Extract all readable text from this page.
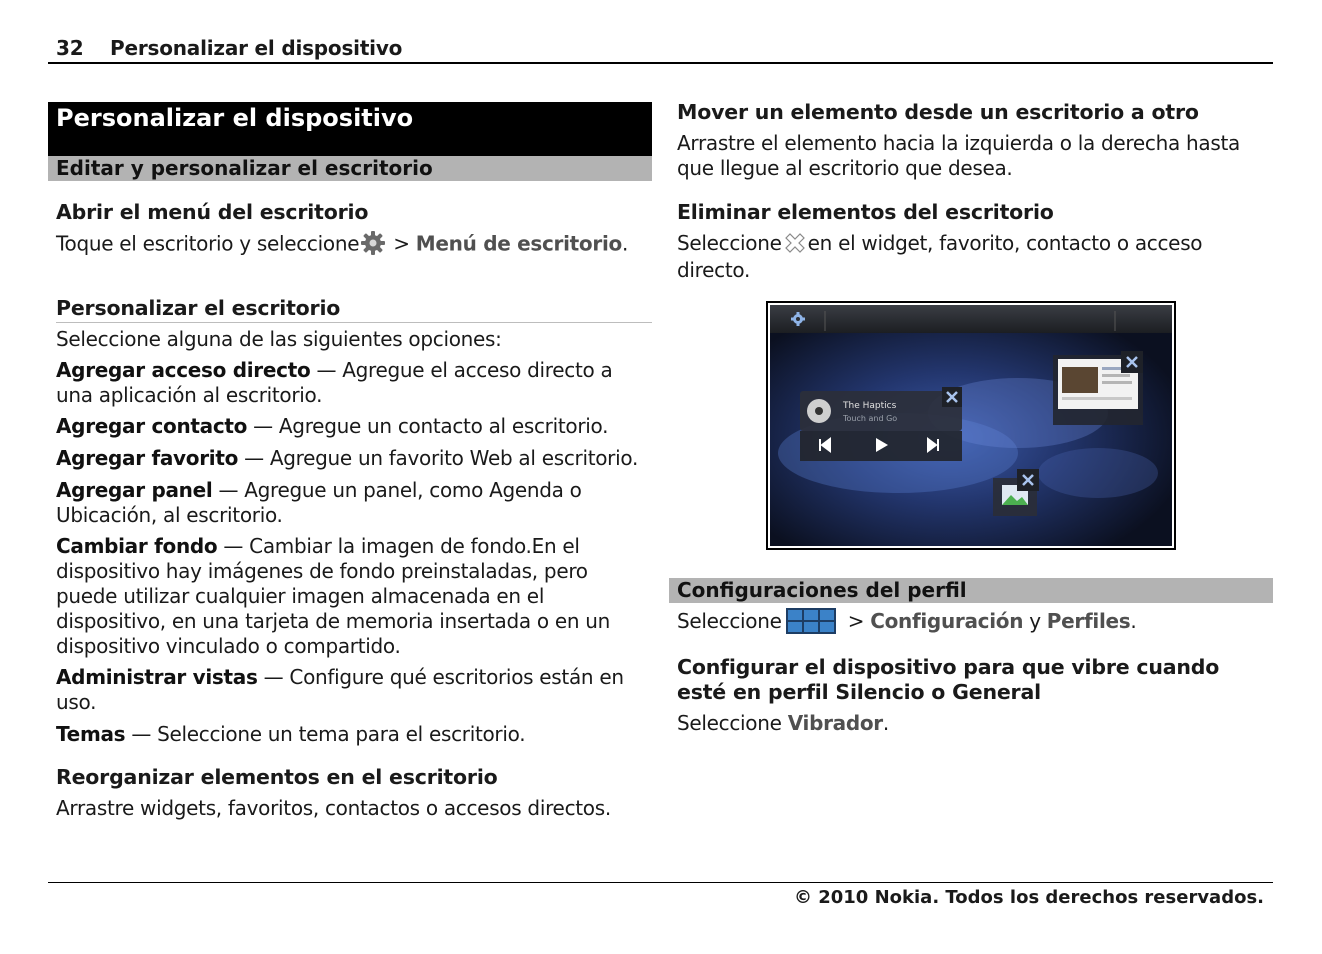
32 Personalizar el dispositivo
Personalizar el dispositivo
Editar y personalizar el escritorio
Abrir el menú del escritorio
Toque el escritorio y seleccione > Menú de escritorio.
Personalizar el escritorio
Seleccione alguna de las siguientes opciones:
Agregar acceso directo — Agregue el acceso directo a una aplicación al escritorio.
Agregar contacto — Agregue un contacto al escritorio.
Agregar favorito — Agregue un favorito Web al escritorio.
Agregar panel — Agregue un panel, como Agenda o Ubicación, al escritorio.
Cambiar fondo — Cambiar la imagen de fondo.En el dispositivo hay imágenes de fondo preinstaladas, pero puede utilizar cualquier imagen almacenada en el dispositivo, en una tarjeta de memoria insertada o en un dispositivo vinculado o compartido.
Administrar vistas — Configure qué escritorios están en uso.
Temas — Seleccione un tema para el escritorio.
Reorganizar elementos en el escritorio
Arrastre widgets, favoritos, contactos o accesos directos.
Mover un elemento desde un escritorio a otro
Arrastre el elemento hacia la izquierda o la derecha hasta que llegue al escritorio que desea.
Eliminar elementos del escritorio
Seleccione en el widget, favorito, contacto o acceso directo.
The Haptics
Touch and Go
Configuraciones del perfil
Seleccione	> Configuración y Perfiles.
Configurar el dispositivo para que vibre cuando esté en perfil Silencio o General
Seleccione Vibrador.
© 2010 Nokia. Todos los derechos reservados.
